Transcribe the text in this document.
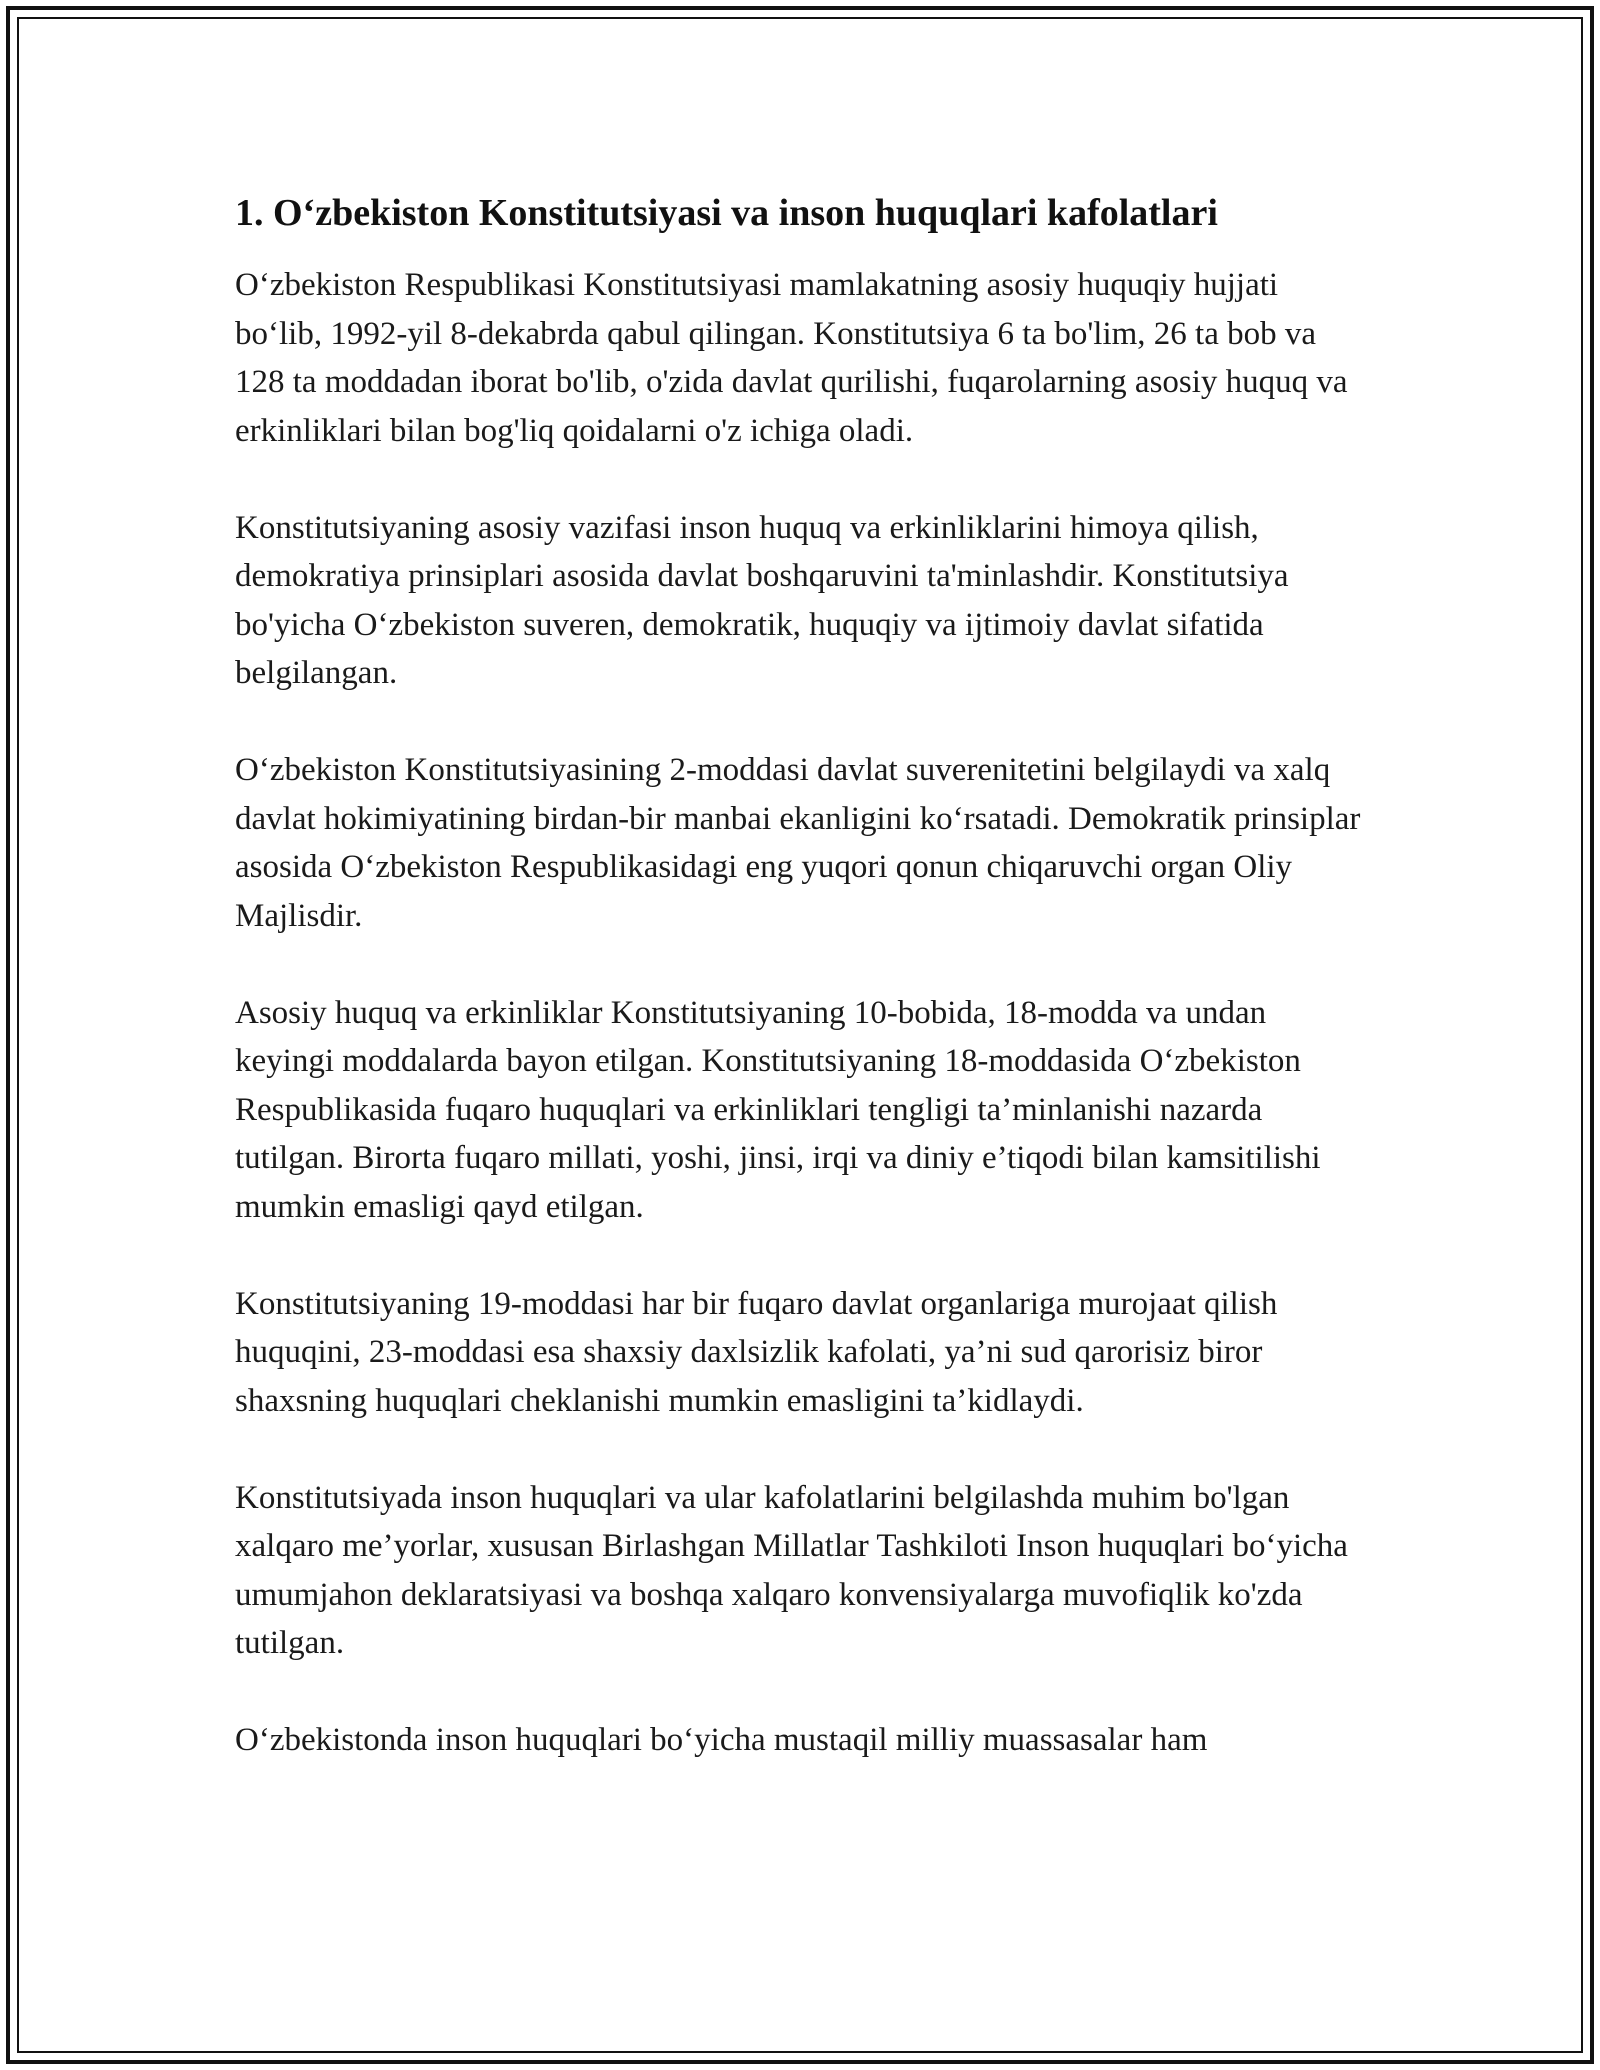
1. O‘zbekiston Konstitutsiyasi va inson huquqlari kafolatlari

O‘zbekiston Respublikasi Konstitutsiyasi mamlakatning asosiy huquqiy hujjati bo‘lib, 1992-yil 8-dekabrda qabul qilingan. Konstitutsiya 6 ta bo'lim, 26 ta bob va 128 ta moddadan iborat bo'lib, o'zida davlat qurilishi, fuqarolarning asosiy huquq va erkinliklari bilan bog'liq qoidalarni o'z ichiga oladi.

Konstitutsiyaning asosiy vazifasi inson huquq va erkinliklarini himoya qilish, demokratiya prinsiplari asosida davlat boshqaruvini ta'minlashdir. Konstitutsiya bo'yicha O‘zbekiston suveren, demokratik, huquqiy va ijtimoiy davlat sifatida belgilangan.

O‘zbekiston Konstitutsiyasining 2-moddasi davlat suverenitetini belgilaydi va xalq davlat hokimiyatining birdan-bir manbai ekanligini ko‘rsatadi. Demokratik prinsiplar asosida O‘zbekiston Respublikasidagi eng yuqori qonun chiqaruvchi organ Oliy Majlisdir.

Asosiy huquq va erkinliklar Konstitutsiyaning 10-bobida, 18-modda va undan keyingi moddalarda bayon etilgan. Konstitutsiyaning 18-moddasida O‘zbekiston Respublikasida fuqaro huquqlari va erkinliklari tengligi ta’minlanishi nazarda tutilgan. Birorta fuqaro millati, yoshi, jinsi, irqi va diniy e’tiqodi bilan kamsitilishi mumkin emasligi qayd etilgan.

Konstitutsiyaning 19-moddasi har bir fuqaro davlat organlariga murojaat qilish huquqini, 23-moddasi esa shaxsiy daxlsizlik kafolati, ya’ni sud qarorisiz biror shaxsning huquqlari cheklanishi mumkin emasligini ta’kidlaydi.

Konstitutsiyada inson huquqlari va ular kafolatlarini belgilashda muhim bo'lgan xalqaro me’yorlar, xususan Birlashgan Millatlar Tashkiloti Inson huquqlari bo‘yicha umumjahon deklaratsiyasi va boshqa xalqaro konvensiyalarga muvofiqlik ko'zda tutilgan.

O‘zbekistonda inson huquqlari bo‘yicha mustaqil milliy muassasalar ham
